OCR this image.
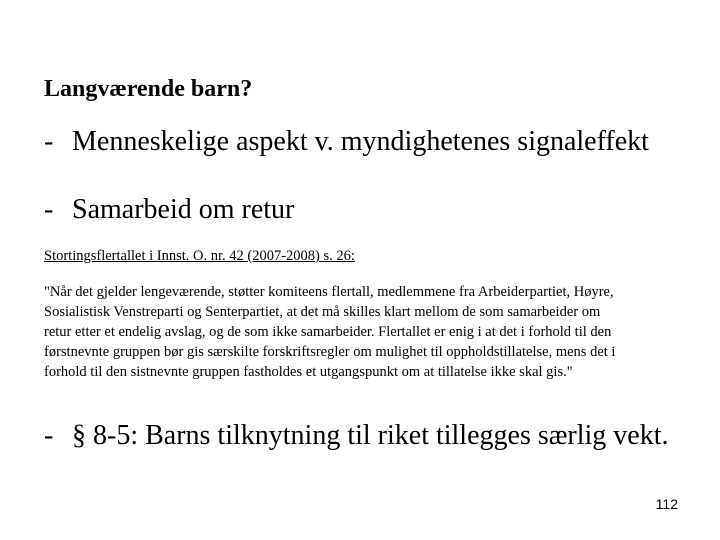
Langværende barn?
- Menneskelige aspekt v. myndighetenes signaleffekt
- Samarbeid om retur
Stortingsflertallet i Innst. O. nr. 42 (2007-2008) s. 26:
"Når det gjelder lengeværende, støtter komiteens flertall, medlemmene fra Arbeiderpartiet, Høyre,
Sosialistisk Venstreparti og Senterpartiet, at det må skilles klart mellom de som samarbeider om
retur etter et endelig avslag, og de som ikke samarbeider. Flertallet er enig i at det i forhold til den
førstnevnte gruppen bør gis særskilte forskriftsregler om mulighet til oppholdstillatelse, mens det i
forhold til den sistnevnte gruppen fastholdes et utgangspunkt om at tillatelse ikke skal gis."
- § 8-5: Barns tilknytning til riket tillegges særlig vekt.
112
